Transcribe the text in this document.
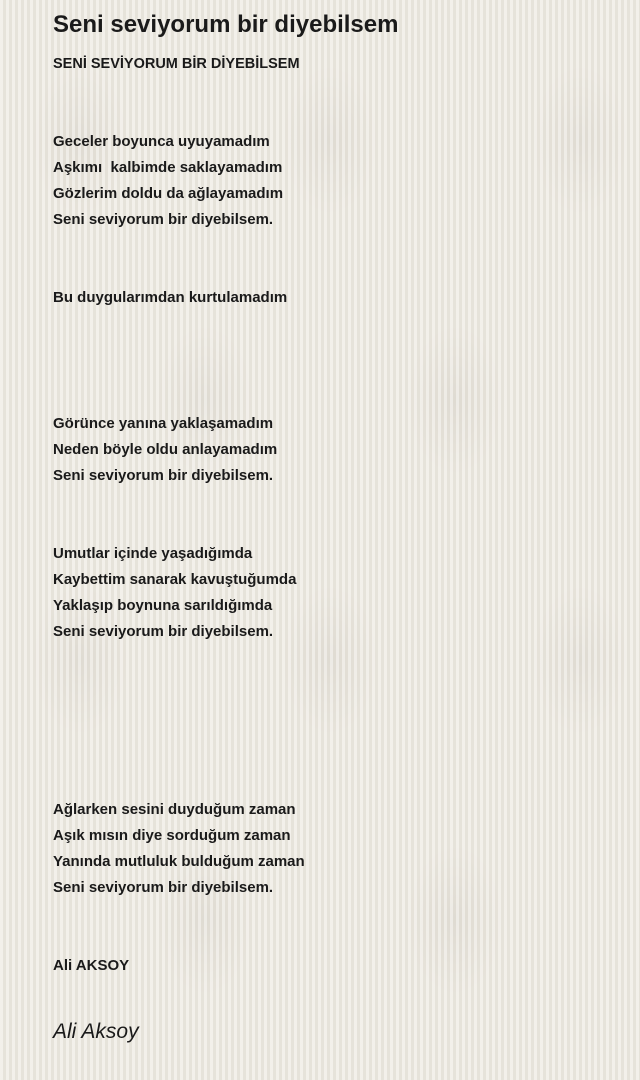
Seni seviyorum bir diyebilsem
SENİ SEVİYORUM BİR DİYEBİLSEM
Geceler boyunca uyuyamadım
Aşkımı  kalbimde saklayamadım
Gözlerim doldu da ağlayamadım
Seni seviyorum bir diyebilsem.
Bu duygularımdan kurtulamadım
Görünce yanına yaklaşamadım
Neden böyle oldu anlayamadım
Seni seviyorum bir diyebilsem.
Umutlar içinde yaşadığımda
Kaybettim sanarak kavuştuğumda
Yaklaşıp boynuna sarıldığımda
Seni seviyorum bir diyebilsem.
Ağlarken sesini duyduğum zaman
Aşık mısın diye sorduğum zaman
Yanında mutluluk bulduğum zaman
Seni seviyorum bir diyebilsem.
Ali AKSOY
Ali Aksoy
